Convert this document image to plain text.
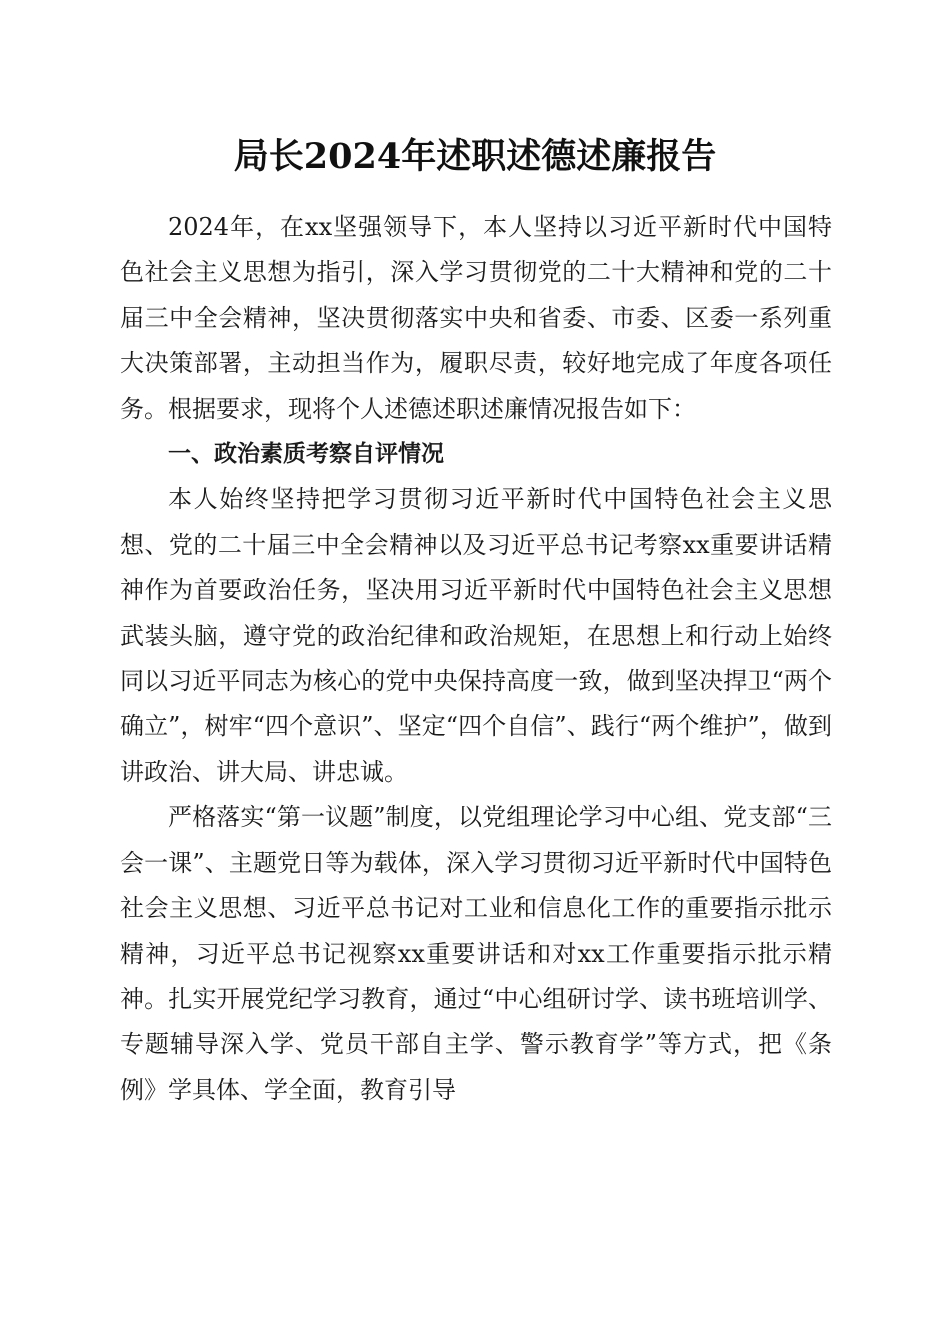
局长2024年述职述德述廉报告

2024年，在xx坚强领导下，本人坚持以习近平新时代中国特色社会主义思想为指引，深入学习贯彻党的二十大精神和党的二十届三中全会精神，坚决贯彻落实中央和省委、市委、区委一系列重大决策部署，主动担当作为，履职尽责，较好地完成了年度各项任务。根据要求，现将个人述德述职述廉情况报告如下：

一、政治素质考察自评情况

本人始终坚持把学习贯彻习近平新时代中国特色社会主义思想、党的二十届三中全会精神以及习近平总书记考察xx重要讲话精神作为首要政治任务，坚决用习近平新时代中国特色社会主义思想武装头脑，遵守党的政治纪律和政治规矩，在思想上和行动上始终同以习近平同志为核心的党中央保持高度一致，做到坚决捍卫“两个确立”，树牢“四个意识”、坚定“四个自信”、践行“两个维护”，做到讲政治、讲大局、讲忠诚。

严格落实“第一议题”制度，以党组理论学习中心组、党支部“三会一课”、主题党日等为载体，深入学习贯彻习近平新时代中国特色社会主义思想、习近平总书记对工业和信息化工作的重要指示批示精神，习近平总书记视察xx重要讲话和对xx工作重要指示批示精神。扎实开展党纪学习教育，通过“中心组研讨学、读书班培训学、专题辅导深入学、党员干部自主学、警示教育学”等方式，把《条例》学具体、学全面，教育引导
